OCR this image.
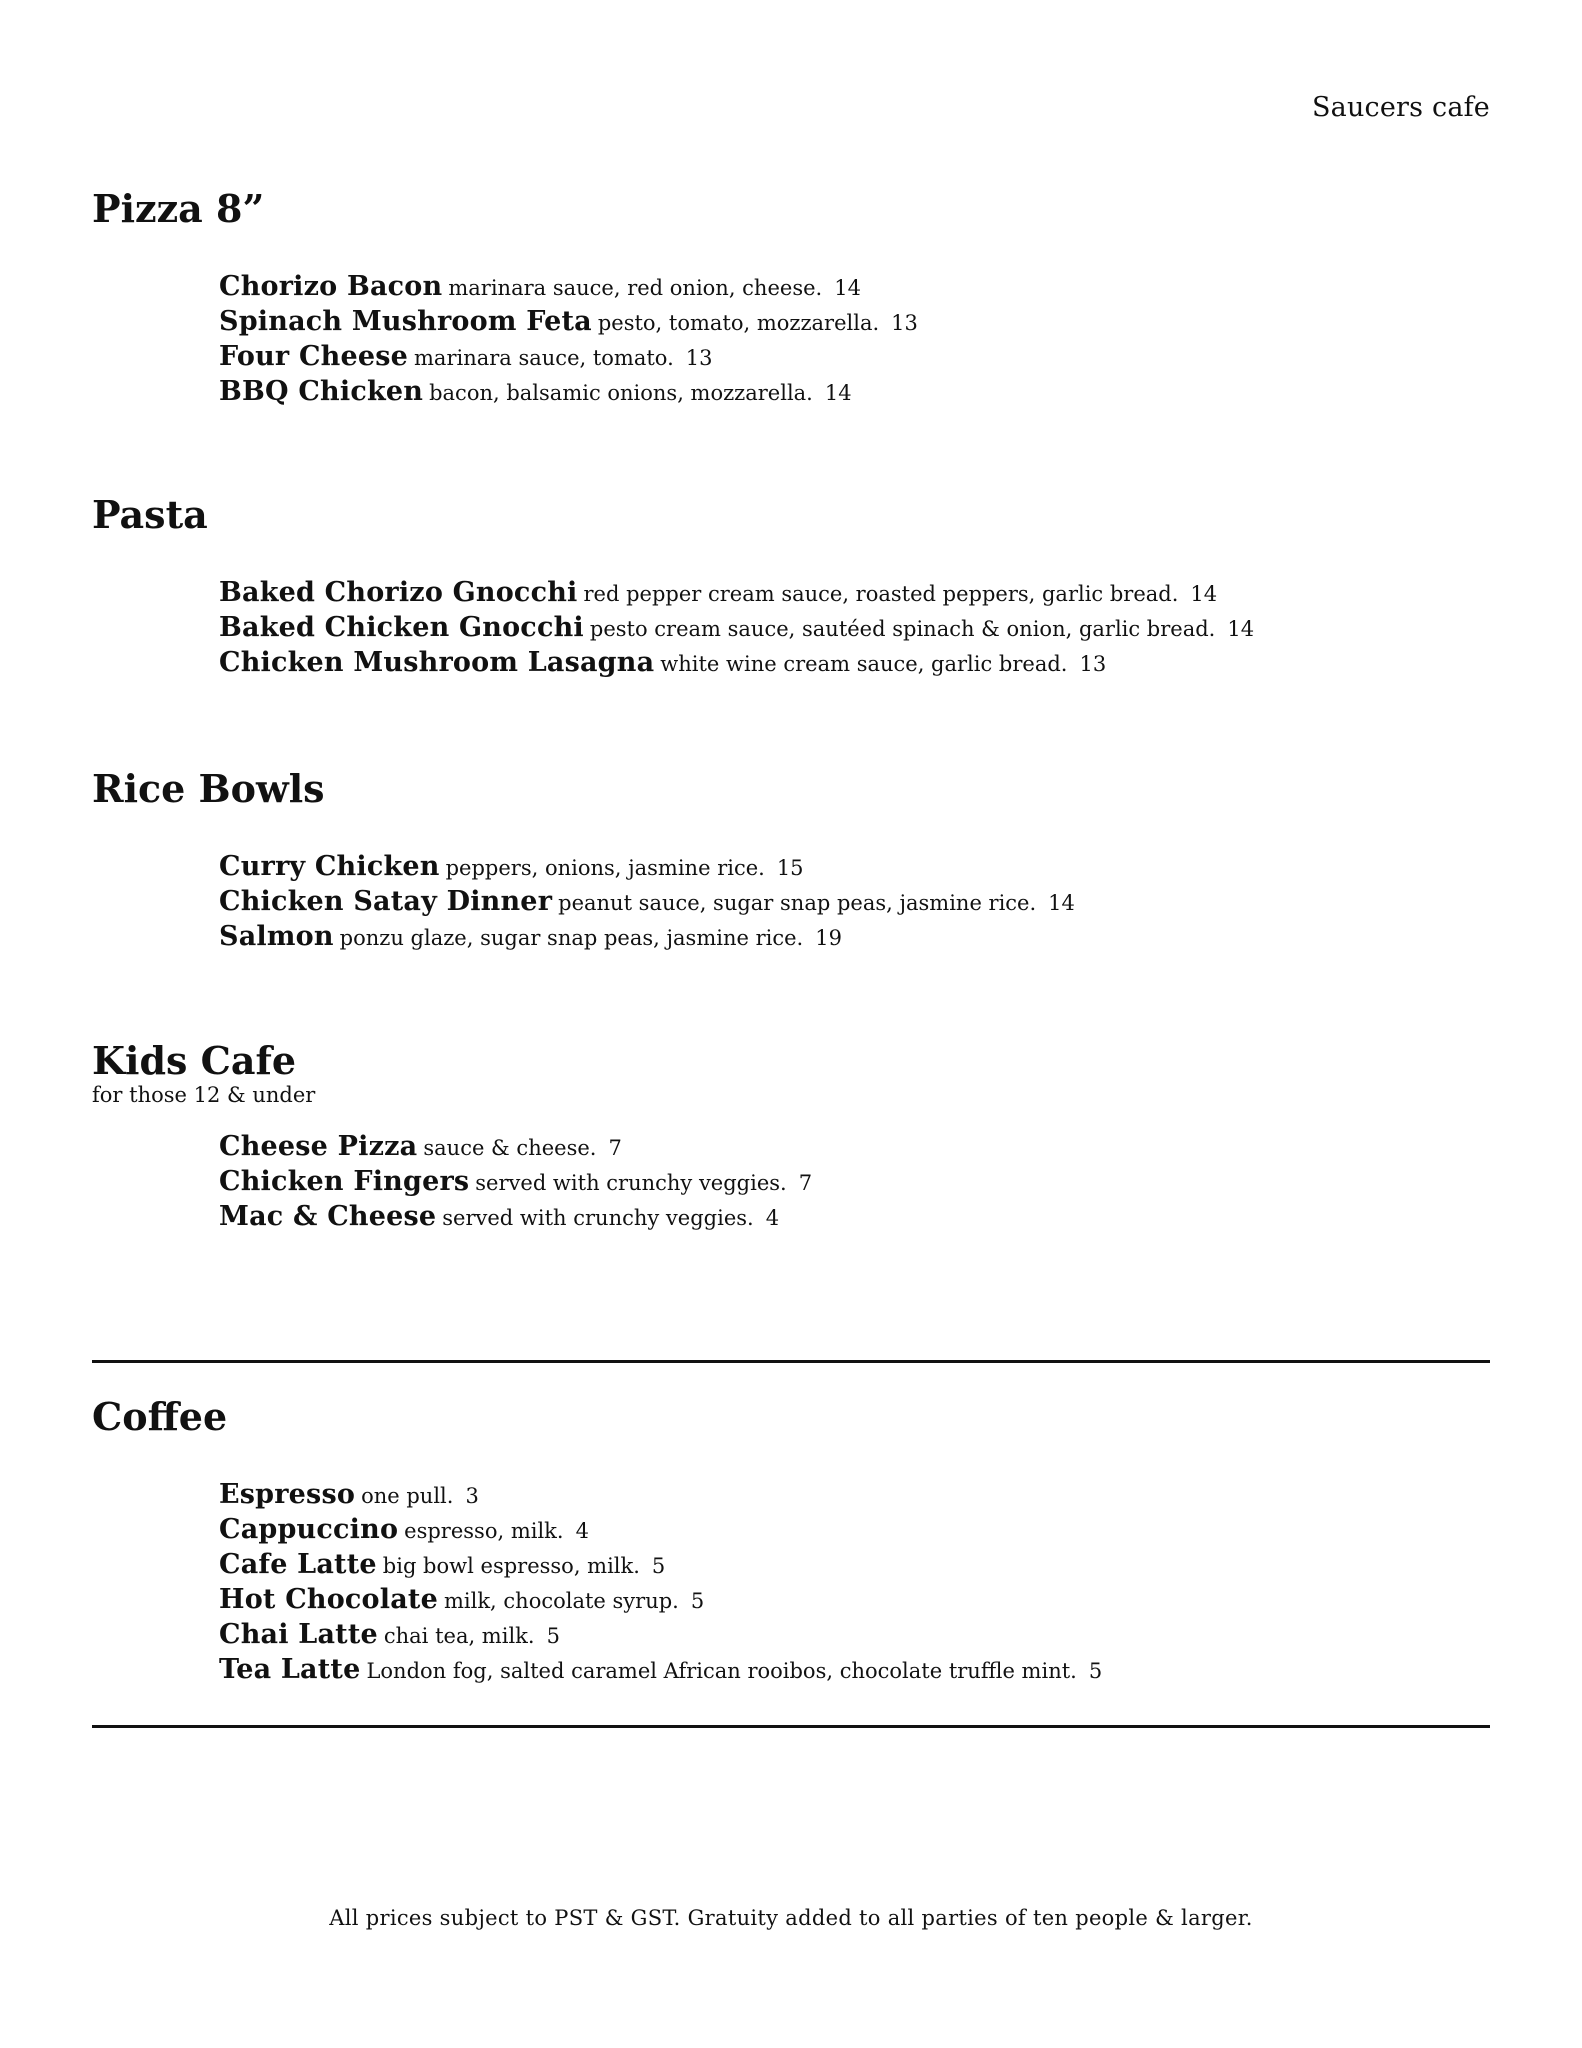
Saucers cafe
Pizza 8”
Chorizo Bacon marinara sauce, red onion, cheese. 14
Spinach Mushroom Feta pesto, tomato, mozzarella. 13
Four Cheese marinara sauce, tomato. 13
BBQ Chicken bacon, balsamic onions, mozzarella. 14
Pasta
Baked Chorizo Gnocchi red pepper cream sauce, roasted peppers, garlic bread. 14
Baked Chicken Gnocchi pesto cream sauce, sautéed spinach & onion, garlic bread. 14
Chicken Mushroom Lasagna white wine cream sauce, garlic bread. 13
Rice Bowls
Curry Chicken peppers, onions, jasmine rice. 15
Chicken Satay Dinner peanut sauce, sugar snap peas, jasmine rice. 14
Salmon ponzu glaze, sugar snap peas, jasmine rice. 19
Kids Cafe
for those 12 & under
Cheese Pizza sauce & cheese. 7
Chicken Fingers served with crunchy veggies. 7
Mac & Cheese served with crunchy veggies. 4
Coffee
Espresso one pull. 3
Cappuccino espresso, milk. 4
Cafe Latte big bowl espresso, milk. 5
Hot Chocolate milk, chocolate syrup. 5
Chai Latte chai tea, milk. 5
Tea Latte London fog, salted caramel African rooibos, chocolate truffle mint. 5
All prices subject to PST & GST. Gratuity added to all parties of ten people & larger.
